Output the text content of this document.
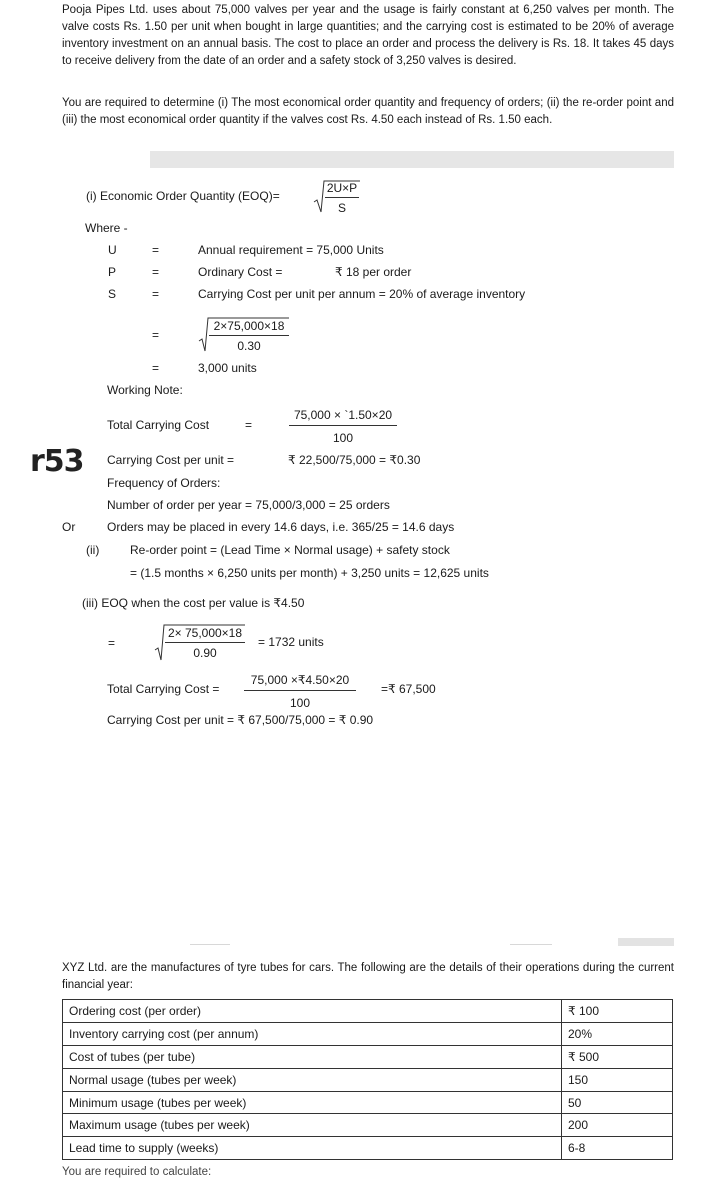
Pooja Pipes Ltd. uses about 75,000 valves per year and the usage is fairly constant at 6,250 valves per month. The valve costs Rs. 1.50 per unit when bought in large quantities; and the carrying cost is estimated to be 20% of average inventory investment on an annual basis. The cost to place an order and process the delivery is Rs. 18. It takes 45 days to receive delivery from the date of an order and a safety stock of 3,250 valves is desired.
You are required to determine (i) The most economical order quantity and frequency of orders; (ii) the re-order point and (iii) the most economical order quantity if the valves cost Rs. 4.50 each instead of Rs. 1.50 each.
(i) Economic Order Quantity (EOQ)=	$\frac{2U\times P}{S}$
Where -
U	=	Annual requirement = 75,000 Units
P	=	Ordinary Cost =	₹ 18 per order
S	=	Carrying Cost per unit per annum = 20% of average inventory
=	$\frac{2\times 75,000\times 18}{0.30}$
=	3,000 units
Working Note:
Total Carrying Cost	=	$\frac{75,000 \times `1.50\times 20}{100}$
r53 Carrying Cost per unit =	₹ 22,500/75,000 = ₹0.30
Frequency of Orders:
Number of order per year = 75,000/3,000 = 25 orders
Or	Orders may be placed in every 14.6 days, i.e. 365/25 = 14.6 days
(ii)	Re-order point = (Lead Time × Normal usage) + safety stock
= (1.5 months × 6,250 units per month) + 3,250 units = 12,625 units
(iii) EOQ when the cost per value is ₹4.50
=	$\frac{2\times 75,000\times 18}{0.90} = 1732$ units
Total Carrying Cost = $\frac{75,000 \times₹4.50\times 20}{100}$ =₹ 67,500
Carrying Cost per unit = ₹ 67,500/75,000 = ₹ 0.90
XYZ Ltd. are the manufactures of tyre tubes for cars. The following are the details of their operations during the current financial year:
Ordering cost (per order)	₹ 100
Inventory carrying cost (per annum)	20%
Cost of tubes (per tube)	₹ 500
Normal usage (tubes per week)	150
Minimum usage (tubes per week)	50
Maximum usage (tubes per week)	200
Lead time to supply (weeks)	6-8
You are required to calculate:
